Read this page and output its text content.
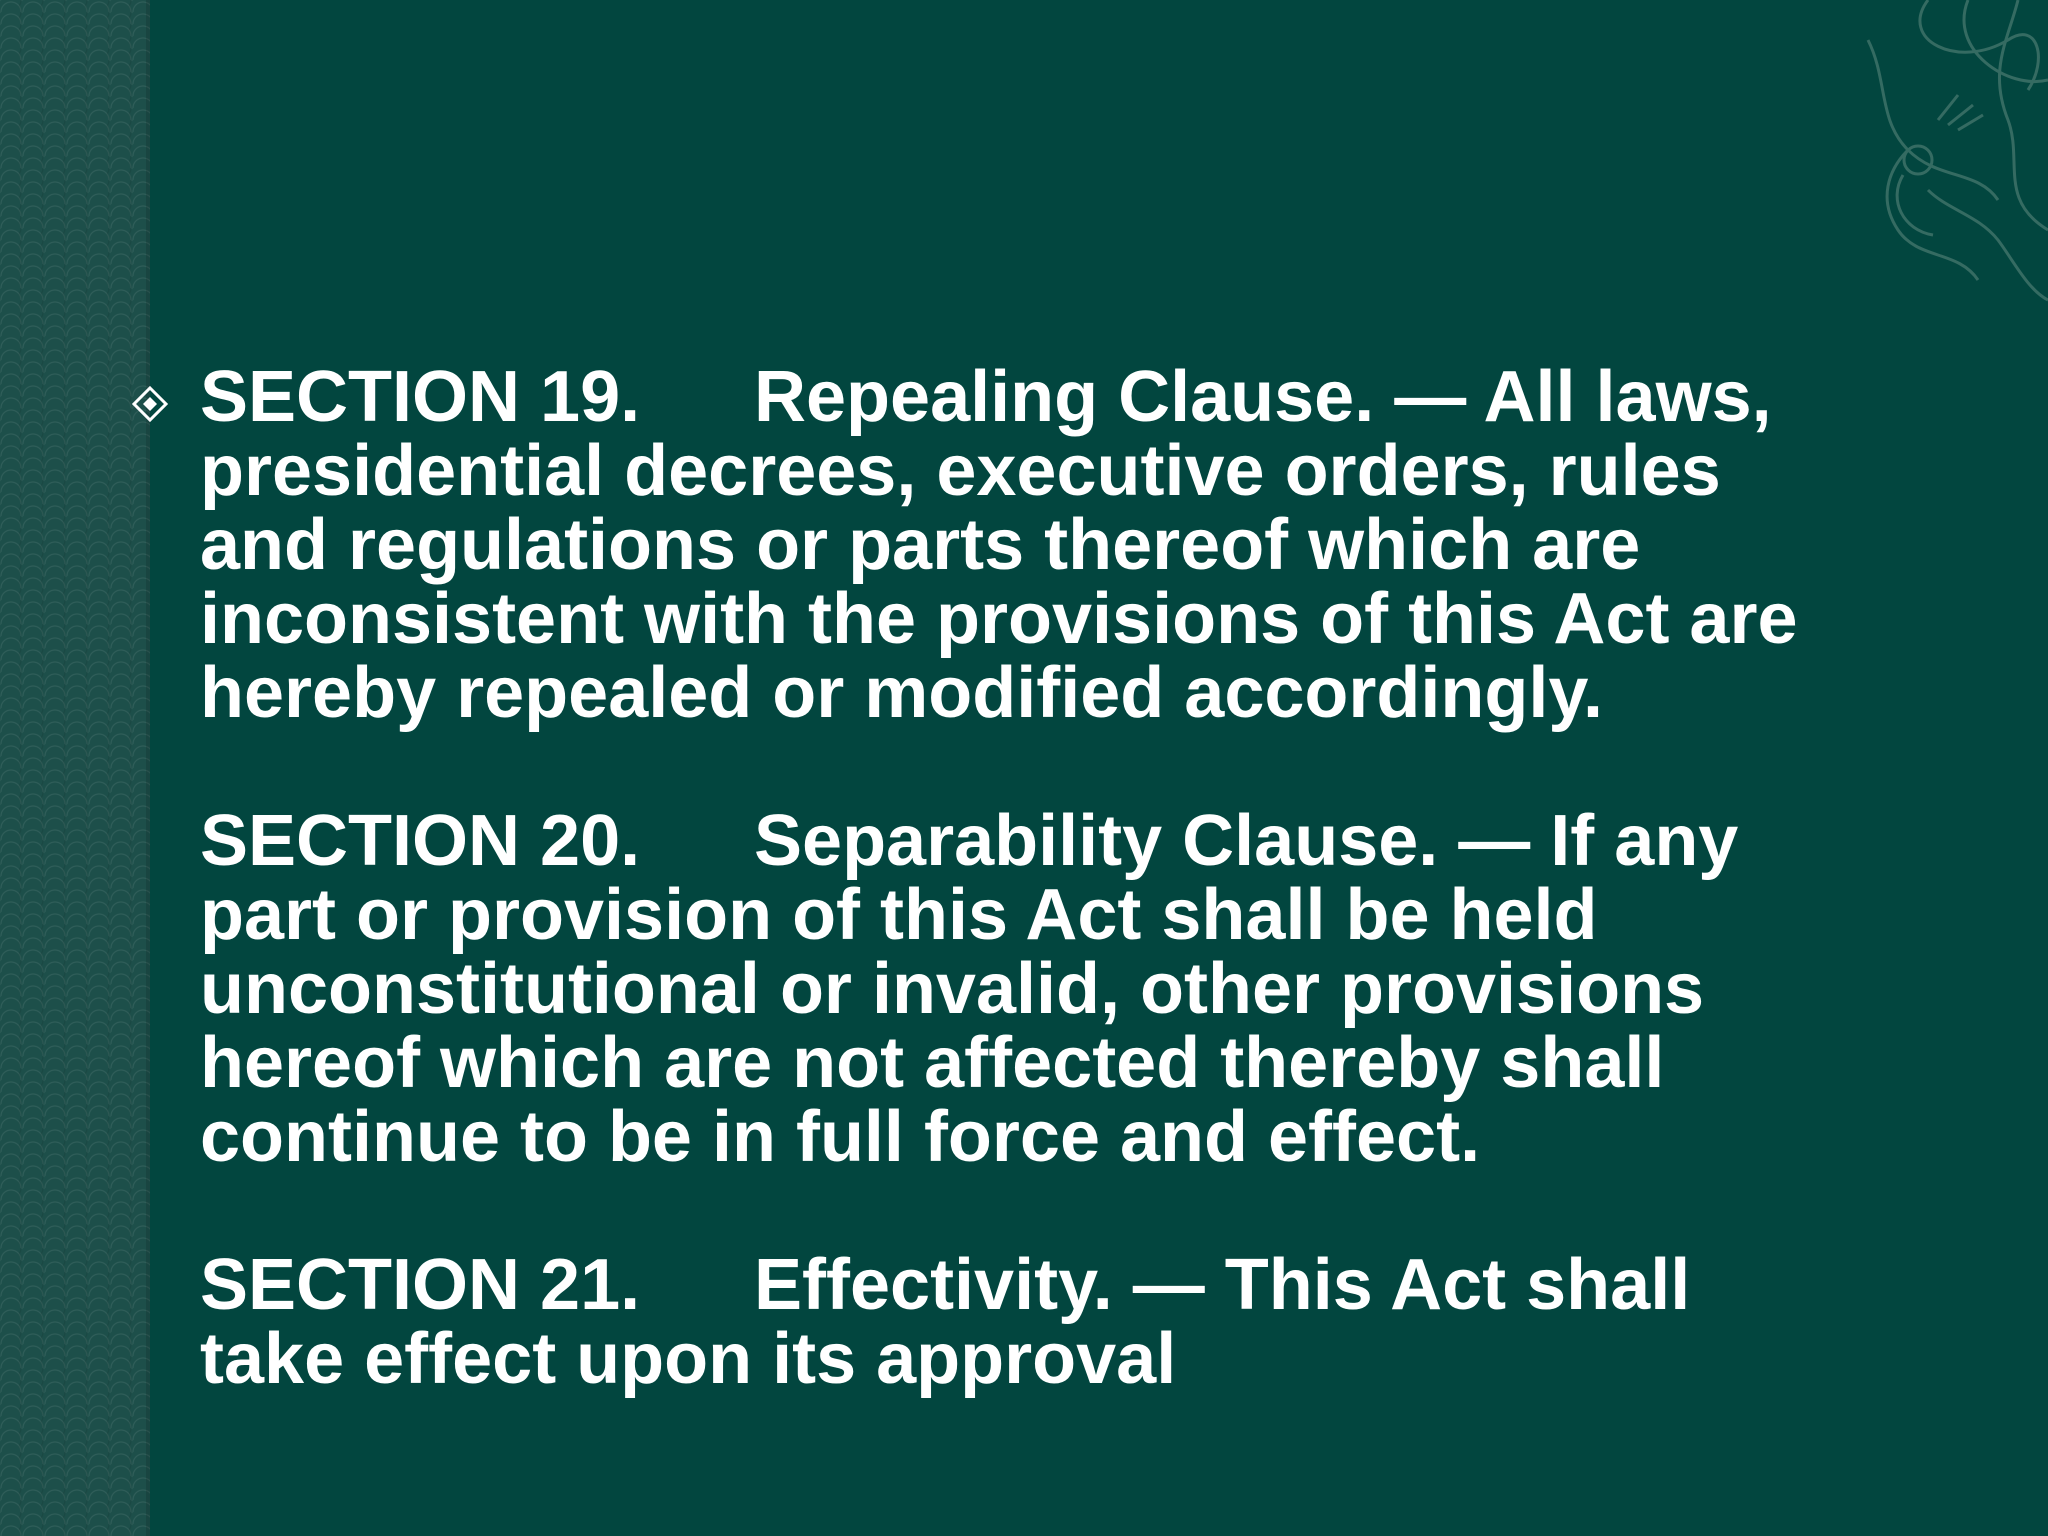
SECTION 19. Repealing Clause. — All laws,
presidential decrees, executive orders, rules
and regulations or parts thereof which are
inconsistent with the provisions of this Act are
hereby repealed or modified accordingly.
SECTION 20. Separability Clause. — If any
part or provision of this Act shall be held
unconstitutional or invalid, other provisions
hereof which are not affected thereby shall
continue to be in full force and effect.
SECTION 21. Effectivity. — This Act shall
take effect upon its approval
